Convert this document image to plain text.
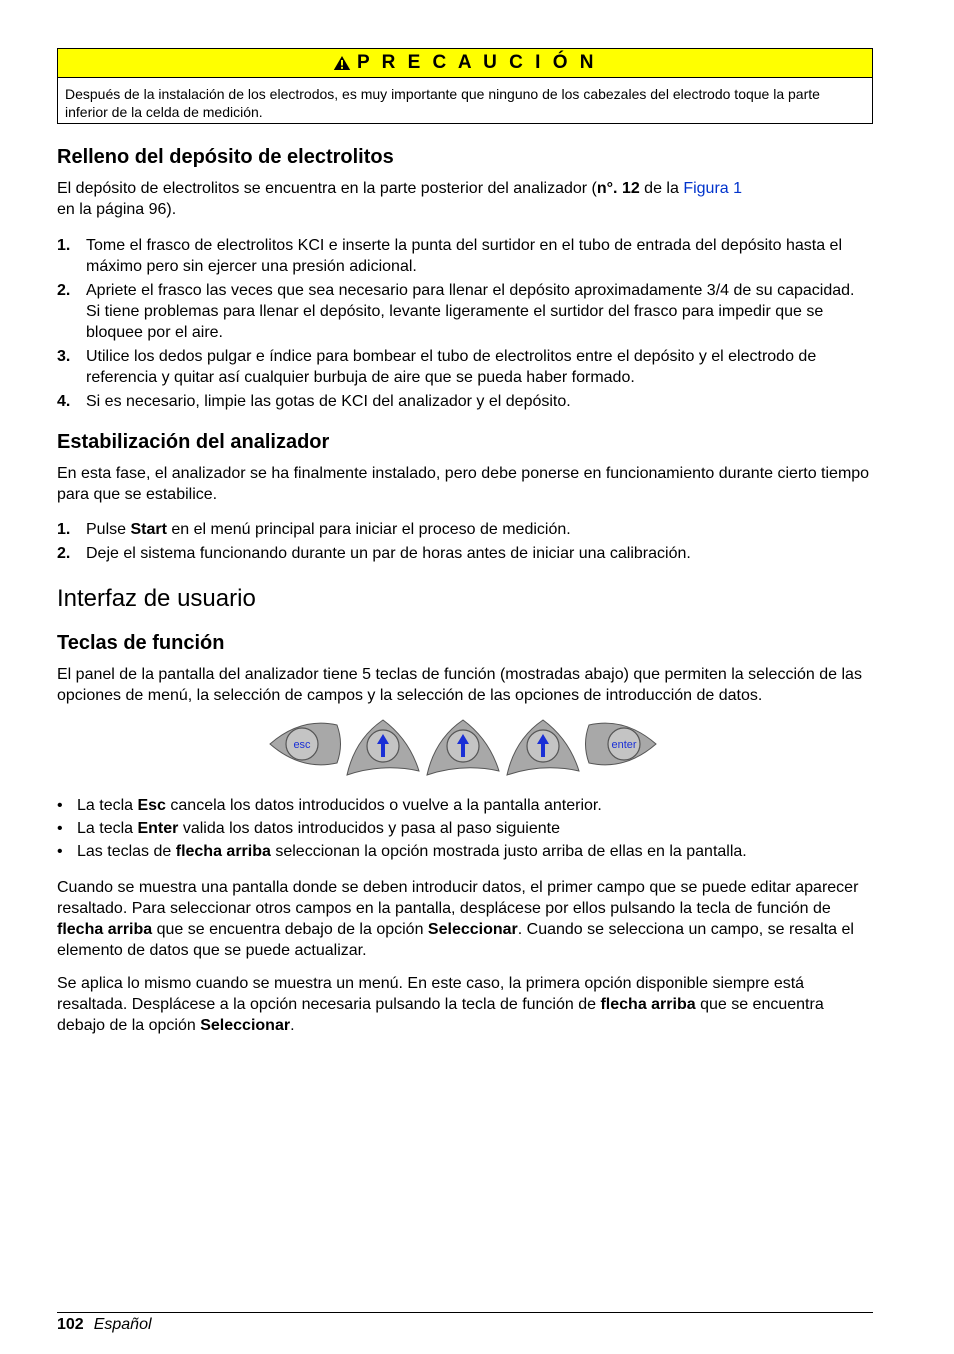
P R E C A U C I Ó N
Después de la instalación de los electrodos, es muy importante que ninguno de los cabezales del electrodo toque la parte inferior de la celda de medición.
Relleno del depósito de electrolitos

El depósito de electrolitos se encuentra en la parte posterior del analizador (n°. 12 de la Figura 1
en la página 96).

1. Tome el frasco de electrolitos KCI e inserte la punta del surtidor en el tubo de entrada del depósito hasta el máximo pero sin ejercer una presión adicional.
2. Apriete el frasco las veces que sea necesario para llenar el depósito aproximadamente 3/4 de su capacidad. Si tiene problemas para llenar el depósito, levante ligeramente el surtidor del frasco para impedir que se bloquee por el aire.
3. Utilice los dedos pulgar e índice para bombear el tubo de electrolitos entre el depósito y el electrodo de referencia y quitar así cualquier burbuja de aire que se pueda haber formado.
4. Si es necesario, limpie las gotas de KCI del analizador y el depósito.
Estabilización del analizador

En esta fase, el analizador se ha finalmente instalado, pero debe ponerse en funcionamiento durante cierto tiempo para que se estabilice.

1. Pulse Start en el menú principal para iniciar el proceso de medición.
2. Deje el sistema funcionando durante un par de horas antes de iniciar una calibración.
Interfaz de usuario
Teclas de función

El panel de la pantalla del analizador tiene 5 teclas de función (mostradas abajo) que permiten la selección de las opciones de menú, la selección de campos y la selección de las opciones de introducción de datos.

esc	enter
• La tecla Esc cancela los datos introducidos o vuelve a la pantalla anterior.
• La tecla Enter valida los datos introducidos y pasa al paso siguiente
• Las teclas de flecha arriba seleccionan la opción mostrada justo arriba de ellas en la pantalla.

Cuando se muestra una pantalla donde se deben introducir datos, el primer campo que se puede editar aparecer resaltado. Para seleccionar otros campos en la pantalla, desplácese por ellos pulsando la tecla de función de flecha arriba que se encuentra debajo de la opción Seleccionar. Cuando se selecciona un campo, se resalta el elemento de datos que se puede actualizar.

Se aplica lo mismo cuando se muestra un menú. En este caso, la primera opción disponible siempre está resaltada. Desplácese a la opción necesaria pulsando la tecla de función de flecha arriba que se encuentra debajo de la opción Seleccionar.

102 Español
